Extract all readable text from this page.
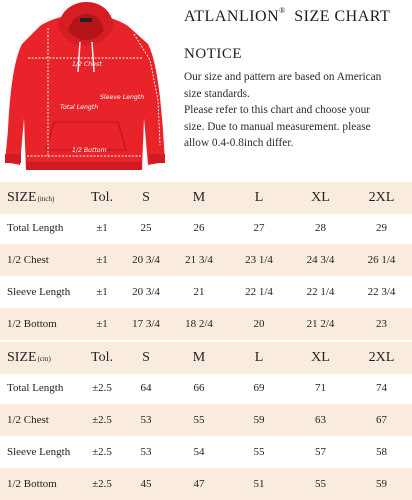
1/2 Chest
Total Length
Sleeve Length
1/2 Bottom
ATLANLION® SIZE CHART
NOTICE
Our size and pattern are based on American
size standards.
Please refer to this chart and choose your
size. Due to manual measurement. please
allow 0.4-0.8inch differ.
SIZE (inch)	Tol.	S	M	L	XL	2XL
Total Length	±1	25	26	27	28	29
1/2 Chest	±1	20 3/4	21 3/4	23 1/4	24 3/4	26 1/4
Sleeve Length	±1	20 3/4	21	22 1/4	22 1/4	22 3/4
1/2 Bottom	±1	17 3/4	18 2/4	20	21 2/4	23
SIZE (cm)	Tol.	S	M	L	XL	2XL
Total Length	±2.5	64	66	69	71	74
1/2 Chest	±2.5	53	55	59	63	67
Sleeve Length	±2.5	53	54	55	57	58
1/2 Bottom	±2.5	45	47	51	55	59
